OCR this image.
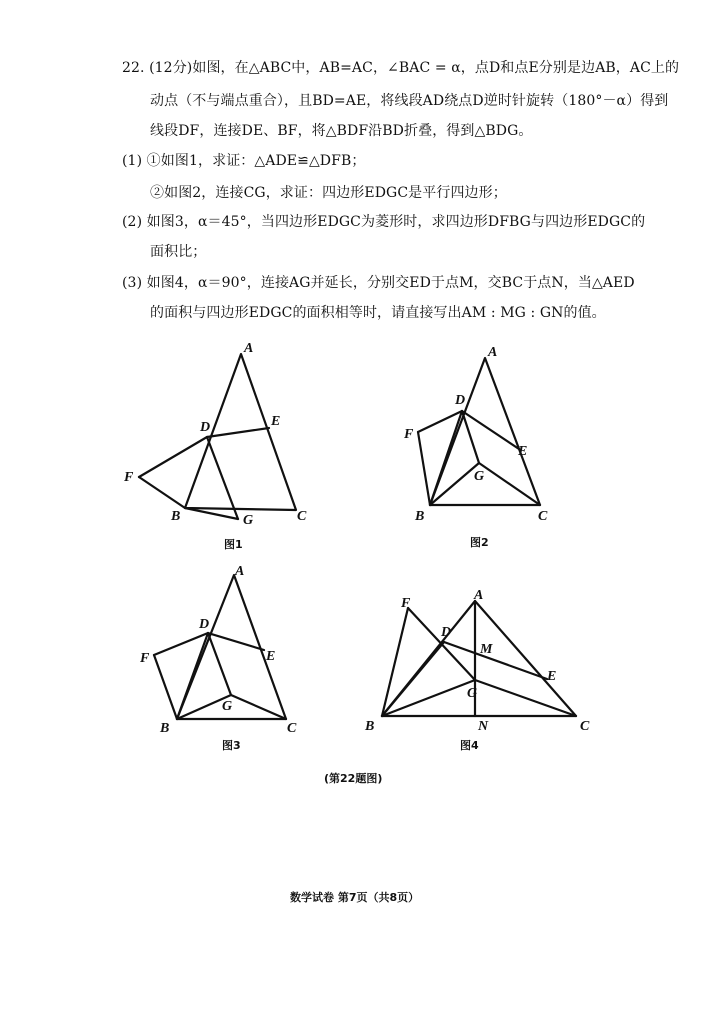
22. (12分)如图，在△ABC中，AB=AC，∠BAC = α，点D和点E分别是边AB，AC上的
动点（不与端点重合），且BD=AE，将线段AD绕点D逆时针旋转（180°－α）得到
线段DF，连接DE、BF，将△BDF沿BD折叠，得到△BDG。
(1) ①如图1，求证：△ADE≌△DFB；
②如图2，连接CG，求证：四边形EDGC是平行四边形；
(2) 如图3，α＝45°，当四边形EDGC为菱形时，求四边形DFBG与四边形EDGC的
面积比；
(3) 如图4，α＝90°，连接AG并延长，分别交ED于点M，交BC于点N，当△AED
的面积与四边形EDGC的面积相等时，请直接写出AM : MG : GN的值。
A
D	E
F
B	G	C
A
D
F
E
G
B	C
A
D
F	E
G
B	C
F
A
D
M
E
G
B	N	C
图1	图2
图3	图4
(第22题图)
数学试卷 第7页（共8页）
